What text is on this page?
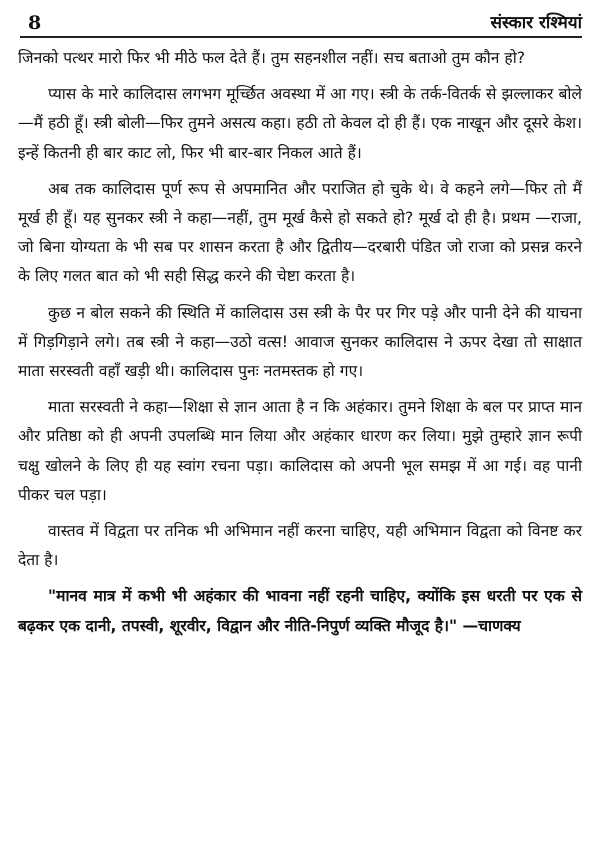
8	संस्कार रश्मियां

जिनको पत्थर मारो फिर भी मीठे फल देते हैं। तुम सहनशील नहीं। सच बताओ तुम कौन हो?

प्यास के मारे कालिदास लगभग मूर्च्छित अवस्था में आ गए। स्त्री के तर्क-वितर्क से झल्लाकर बोले—मैं हठी हूँ। स्त्री बोली—फिर तुमने असत्य कहा। हठी तो केवल दो ही हैं। एक नाखून और दूसरे केश। इन्हें कितनी ही बार काट लो, फिर भी बार-बार निकल आते हैं।

अब तक कालिदास पूर्ण रूप से अपमानित और पराजित हो चुके थे। वे कहने लगे—फिर तो मैं मूर्ख ही हूँ। यह सुनकर स्त्री ने कहा—नहीं, तुम मूर्ख कैसे हो सकते हो? मूर्ख दो ही है। प्रथम —राजा, जो बिना योग्यता के भी सब पर शासन करता है और द्वितीय—दरबारी पंडित जो राजा को प्रसन्न करने के लिए गलत बात को भी सही सिद्ध करने की चेष्टा करता है।

कुछ न बोल सकने की स्थिति में कालिदास उस स्त्री के पैर पर गिर पड़े और पानी देने की याचना में गिड़गिड़ाने लगे। तब स्त्री ने कहा—उठो वत्स! आवाज सुनकर कालिदास ने ऊपर देखा तो साक्षात माता सरस्वती वहाँ खड़ी थी। कालिदास पुनः नतमस्तक हो गए।

माता सरस्वती ने कहा—शिक्षा से ज्ञान आता है न कि अहंकार। तुमने शिक्षा के बल पर प्राप्त मान और प्रतिष्ठा को ही अपनी उपलब्धि मान लिया और अहंकार धारण कर लिया। मुझे तुम्हारे ज्ञान रूपी चक्षु खोलने के लिए ही यह स्वांग रचना पड़ा। कालिदास को अपनी भूल समझ में आ गई। वह पानी पीकर चल पड़ा।

वास्तव में विद्वता पर तनिक भी अभिमान नहीं करना चाहिए, यही अभिमान विद्वता को विनष्ट कर देता है।

"मानव मात्र में कभी भी अहंकार की भावना नहीं रहनी चाहिए, क्योंकि इस धरती पर एक से बढ़कर एक दानी, तपस्वी, शूरवीर, विद्वान और नीति-निपुर्ण व्यक्ति मौजूद है।" —चाणक्य
